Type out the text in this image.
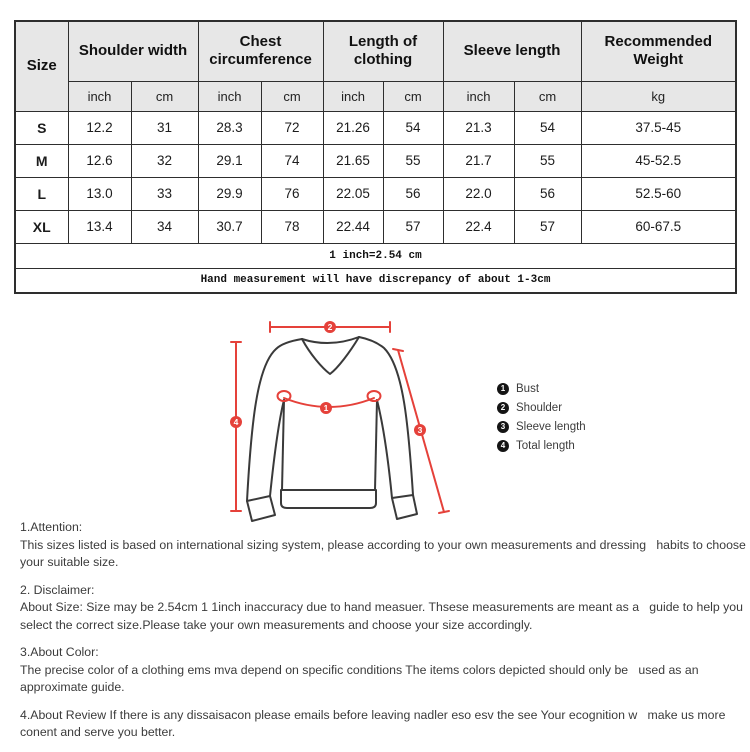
Size	Shoulder width		Chest circumference		Length of clothing		Sleeve length		Recommended Weight
	inch	cm	inch	cm	inch	cm	inch	cm	kg
S	12.2	31	28.3	72	21.26	54	21.3	54	37.5-45
M	12.6	32	29.1	74	21.65	55	21.7	55	45-52.5
L	13.0	33	29.9	76	22.05	56	22.0	56	52.5-60
XL	13.4	34	30.7	78	22.44	57	22.4	57	60-67.5
1 inch=2.54 cm									
Hand measurement will have discrepancy of about 1-3cm									
2
4
3
1
1 Bust
2 Shoulder
3 Sleeve length
4 Total length
1.Attention:
This sizes listed is based on international sizing system, please according to your own measurements and dressing   habits to choose
your suitable size.
2. Disclaimer:
About Size: Size may be 2.54cm 1 1inch inaccuracy due to hand measuer. Thsese measurements are meant as a   guide to help you
select the correct size.Please take your own measurements and choose your size accordingly.
3.About Color:
The precise color of a clothing ems mva depend on specific conditions The items colors depicted should only be   used as an
approximate guide.
4.About Review If there is any dissaisacon please emails before leaving nadler eso esv the see Your ecognition w   make us more
conent and serve you better.
